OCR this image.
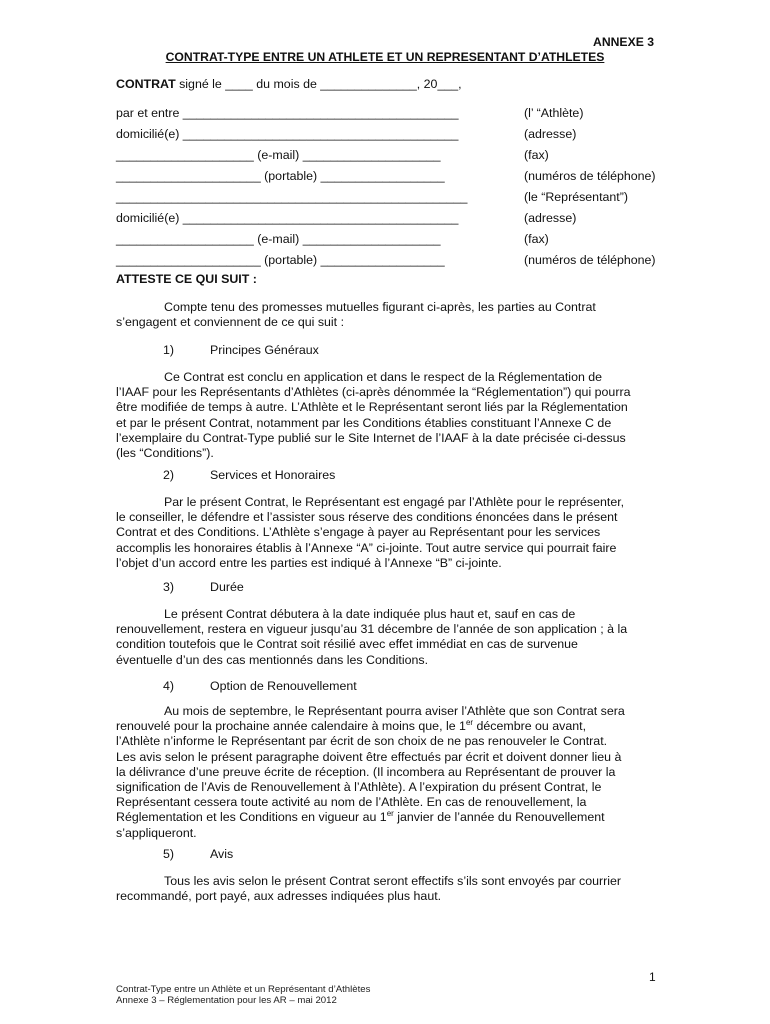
ANNEXE 3
CONTRAT-TYPE ENTRE UN ATHLETE ET UN REPRESENTANT D’ATHLETES
CONTRAT signé le ____ du mois de ______________, 20___,
par et entre ________________________________________	(l’ “Athlète)
domicilié(e) ________________________________________	(adresse)
____________________ (e-mail) ____________________	(fax)
_____________________ (portable) __________________	(numéros de téléphone)
___________________________________________________	(le “Représentant”)
domicilié(e) ________________________________________	(adresse)
____________________ (e-mail) ____________________	(fax)
_____________________ (portable) __________________	(numéros de téléphone)
ATTESTE CE QUI SUIT :
Compte tenu des promesses mutuelles figurant ci-après, les parties au Contrat
s’engagent et conviennent de ce qui suit :
1)	Principes Généraux
Ce Contrat est conclu en application et dans le respect de la Réglementation de
l’IAAF pour les Représentants d’Athlètes (ci-après dénommée la “Réglementation”) qui pourra
être modifiée de temps à autre. L’Athlète et le Représentant seront liés par la Réglementation
et par le présent Contrat, notamment par les Conditions établies constituant l’Annexe C de
l’exemplaire du Contrat-Type publié sur le Site Internet de l’IAAF à la date précisée ci-dessus
(les “Conditions”).
2)	Services et Honoraires
Par le présent Contrat, le Représentant est engagé par l’Athlète pour le représenter,
le conseiller, le défendre et l’assister sous réserve des conditions énoncées dans le présent
Contrat et des Conditions. L’Athlète s’engage à payer au Représentant pour les services
accomplis les honoraires établis à l’Annexe “A” ci-jointe. Tout autre service qui pourrait faire
l’objet d’un accord entre les parties est indiqué à l’Annexe “B” ci-jointe.
3)	Durée
Le présent Contrat débutera à la date indiquée plus haut et, sauf en cas de
renouvellement, restera en vigueur jusqu’au 31 décembre de l’année de son application ; à la
condition toutefois que le Contrat soit résilié avec effet immédiat en cas de survenue
éventuelle d’un des cas mentionnés dans les Conditions.
4)	Option de Renouvellement
Au mois de septembre, le Représentant pourra aviser l’Athlète que son Contrat sera
renouvelé pour la prochaine année calendaire à moins que, le 1er décembre ou avant,
l’Athlète n’informe le Représentant par écrit de son choix de ne pas renouveler le Contrat.
Les avis selon le présent paragraphe doivent être effectués par écrit et doivent donner lieu à
la délivrance d’une preuve écrite de réception. (Il incombera au Représentant de prouver la
signification de l’Avis de Renouvellement à l’Athlète). A l’expiration du présent Contrat, le
Représentant cessera toute activité au nom de l’Athlète. En cas de renouvellement, la
Réglementation et les Conditions en vigueur au 1er janvier de l’année du Renouvellement
s’appliqueront.
5)	Avis
Tous les avis selon le présent Contrat seront effectifs s’ils sont envoyés par courrier
recommandé, port payé, aux adresses indiquées plus haut.
1
Contrat-Type entre un Athlète et un Représentant d’Athlètes
Annexe 3 – Réglementation pour les AR – mai 2012
